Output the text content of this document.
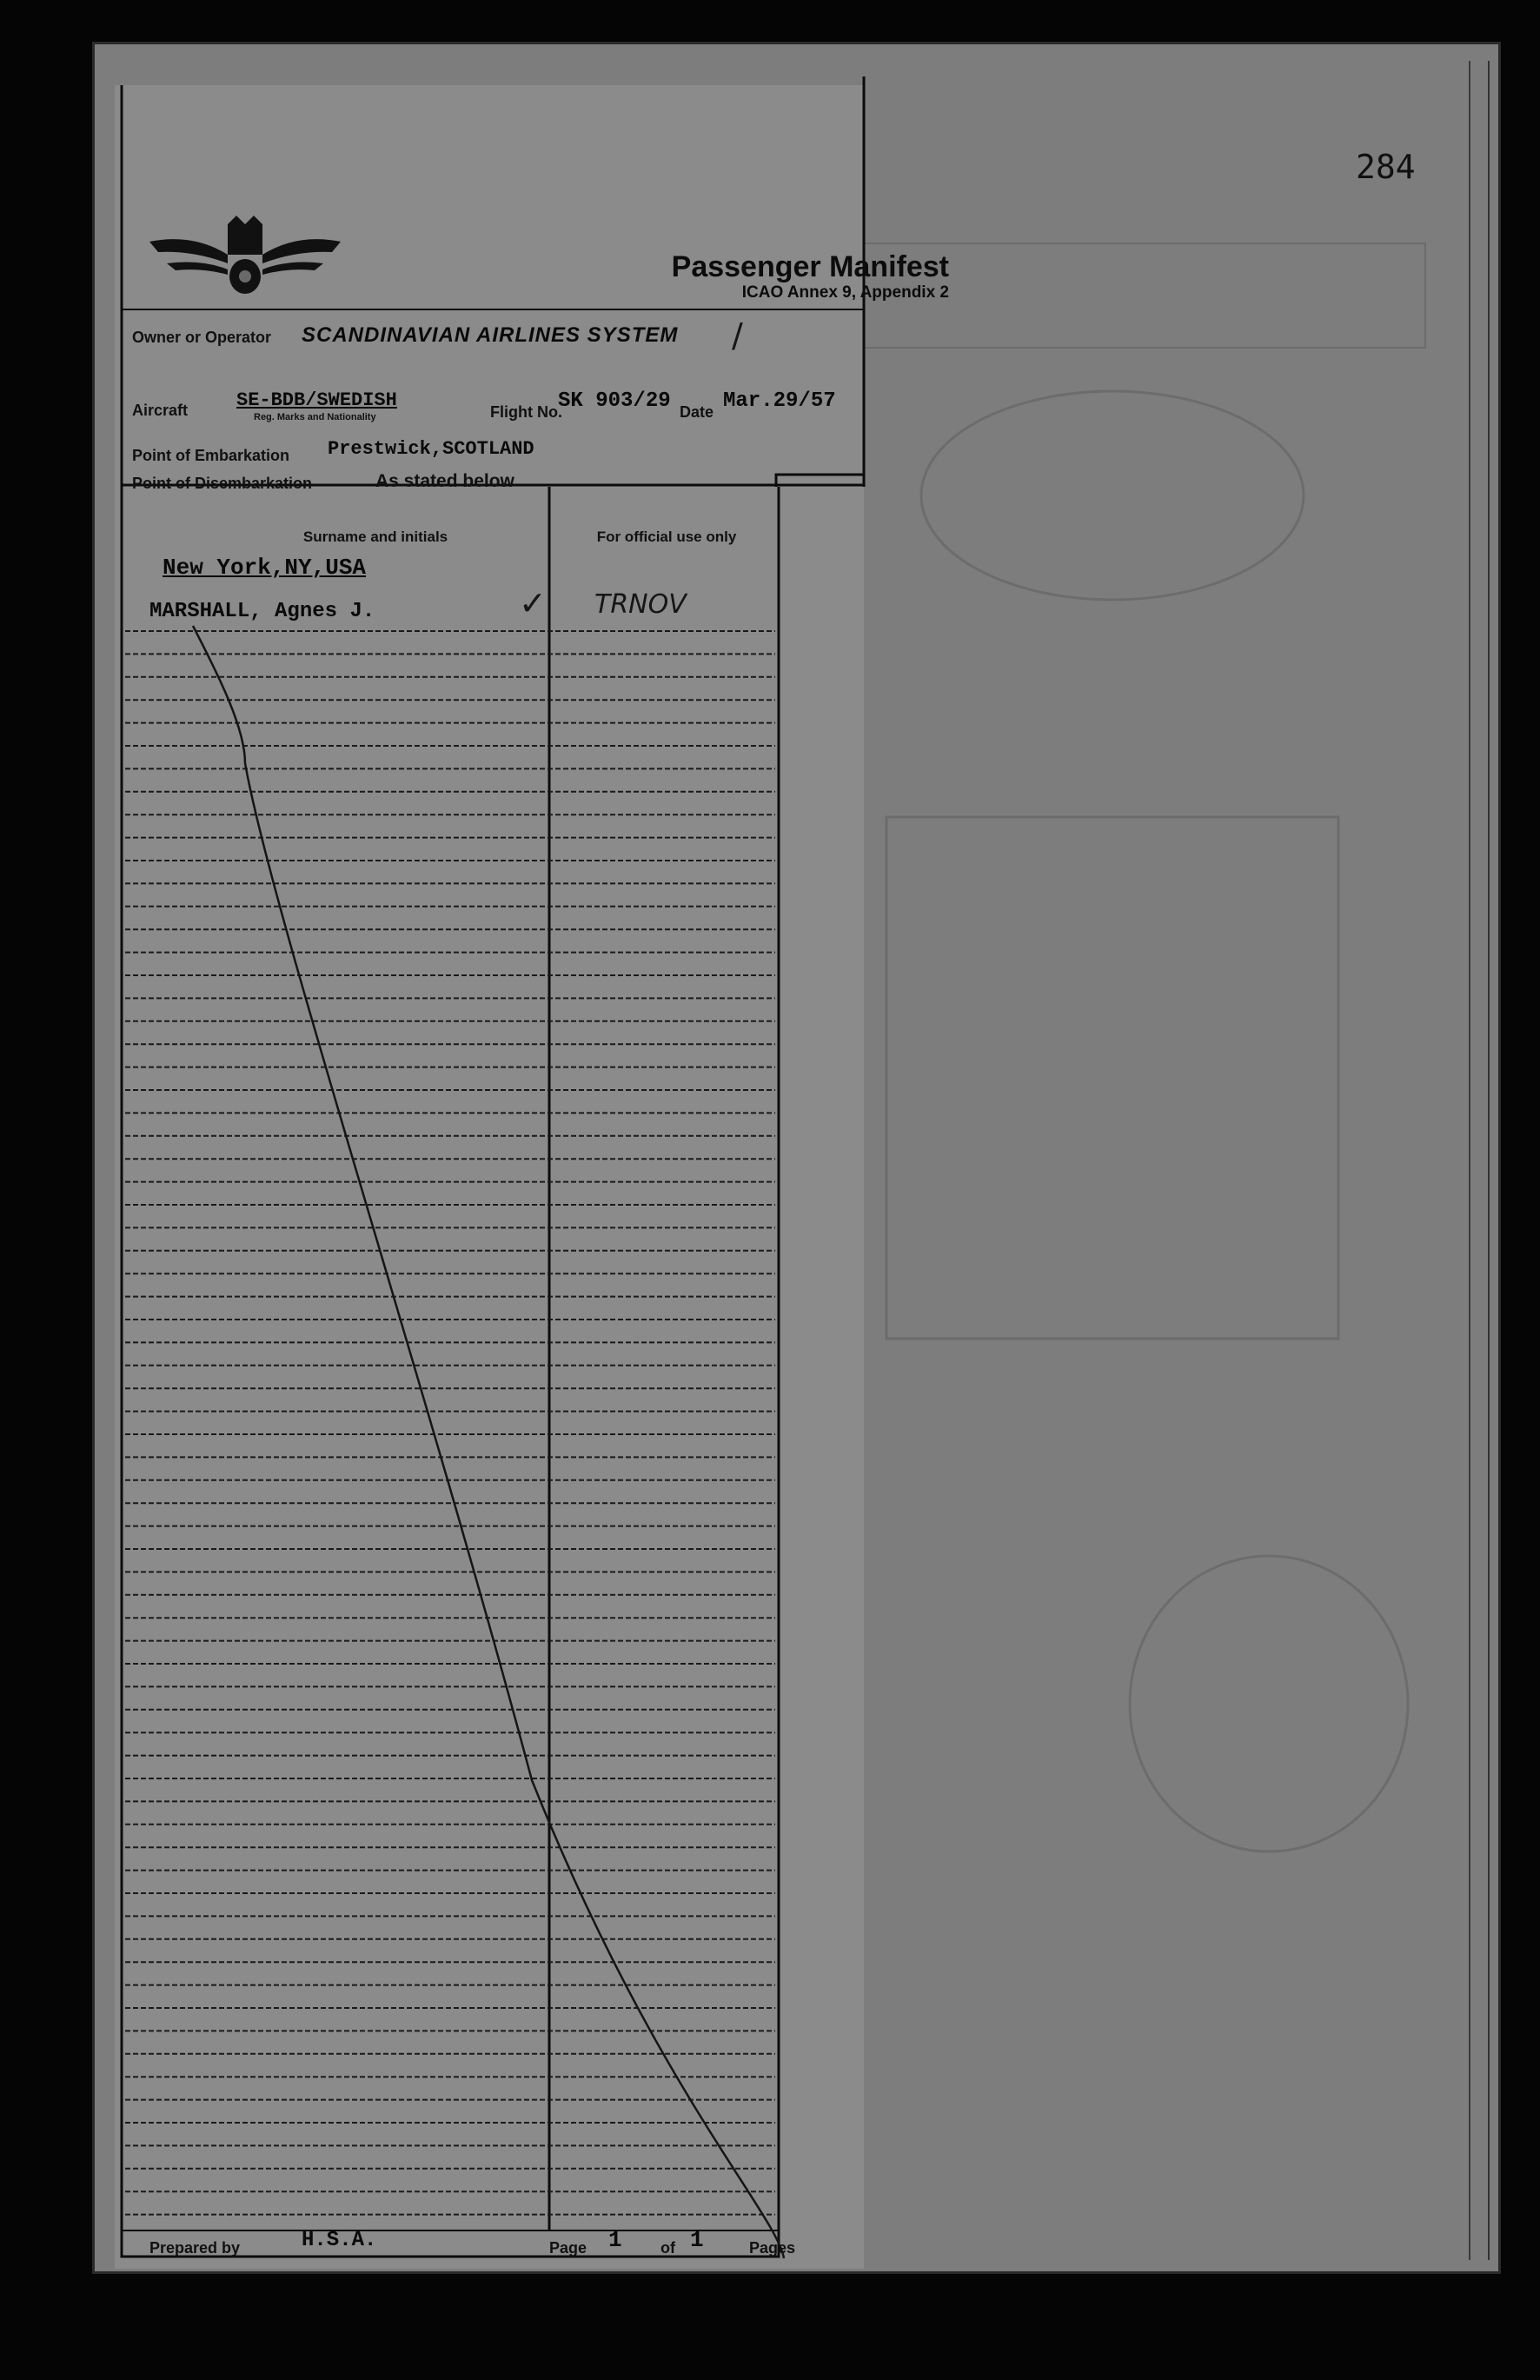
284
Passenger Manifest
ICAO Annex 9, Appendix 2
Owner or Operator SCANDINAVIAN AIRLINES SYSTEM /
Aircraft	SE-BDB/SWEDISH
Reg. Marks and Nationality	Flight No.
SK 903/29 Date Mar.29/57
Point of Embarkation Prestwick,SCOTLAND
Point of Disembarkation	As stated below
Surname and initials	For official use only
New York,NY,USA
MARSHALL, Agnes J.	✓ TRNOV
Prepared by	H.S.A.	Page 1 of 1	Pages
